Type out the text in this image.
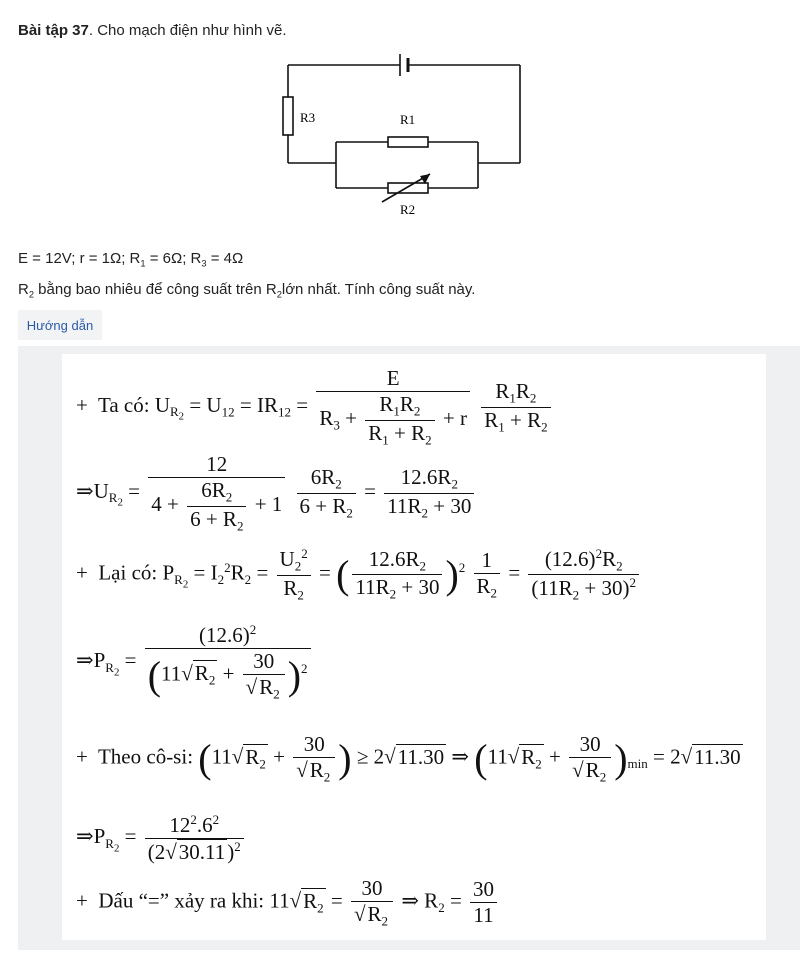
Bài tập 37. Cho mạch điện như hình vẽ.
R3	R1
R2
E = 12V; r = 1Ω; $R_1 = 6\Omega$; $R_3 = 4\Omega$
$R_2$ bằng bao nhiêu để công suất trên $R_2lớn$ nhất. Tính công suất này.
Hướng dẫn
+ Ta có: $U_{R_2} = U_{12} = IR_{12} = \frac{E}{R_3 + \frac{R_1R_2}{R_1 + R_2} + r}$
$\frac{R_1R_2}{R_1 + R_2}$
$\Rightarrow U_{R_2} = \frac{12}{4 + \frac{6R_2}{6 + R_2} + 1}$
$\frac{6R_2}{6 + R_2} = \frac{12.6R_2}{11R_2 + 30}$
+ Lại có: $P_{R_2} = I_2^2R_2 = \frac{U_2^2}{R_2}$ = ( $\frac{12.6R_2}{11R_2 + 30} )^2 \frac{1}{R_2} = \frac{(12.6)^2R_2}{(11R_2 + 30)^2}$
$\Rightarrow P_{R_2} = \frac{(12.6)^2}{(11√R_2 + \frac{30}{√R_2} )^2}$
+ Theo cô-si: ($11√R_2 + \frac{30}{√R_2}$ ) ≥ 2√11.30 ⇒ $(11√R_2 + \frac{30}{√R_2} )_{min} = 2√11.30$
$\Rightarrow P_{R_2} = \frac{12^2.6^2}{(2√30.11)^2}$
+ Dấu “=” xảy ra khi: $11√R_2 = \frac{30}{√R_2}$ ⇒ $R_2 = \frac{30}{11}$
